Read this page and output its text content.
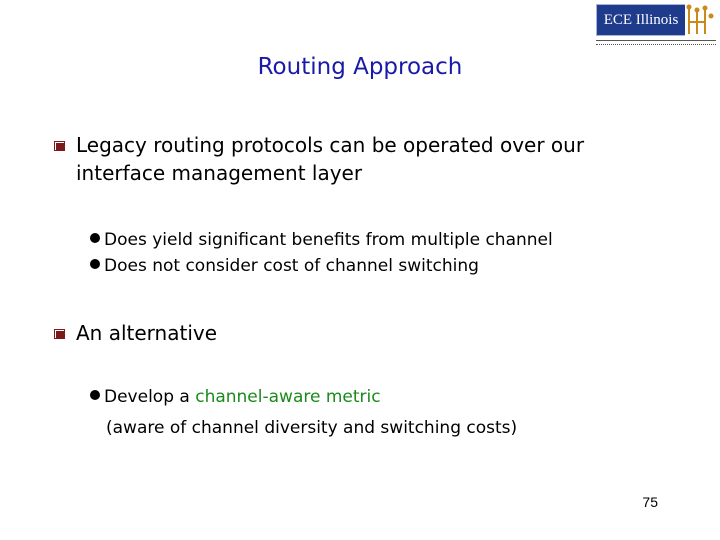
ECE Illinois
Routing Approach
Legacy routing protocols can be operated over our
interface management layer
Does yield significant benefits from multiple channel
Does not consider cost of channel switching
An alternative
Develop a channel-aware metric
(aware of channel diversity and switching costs)
75
